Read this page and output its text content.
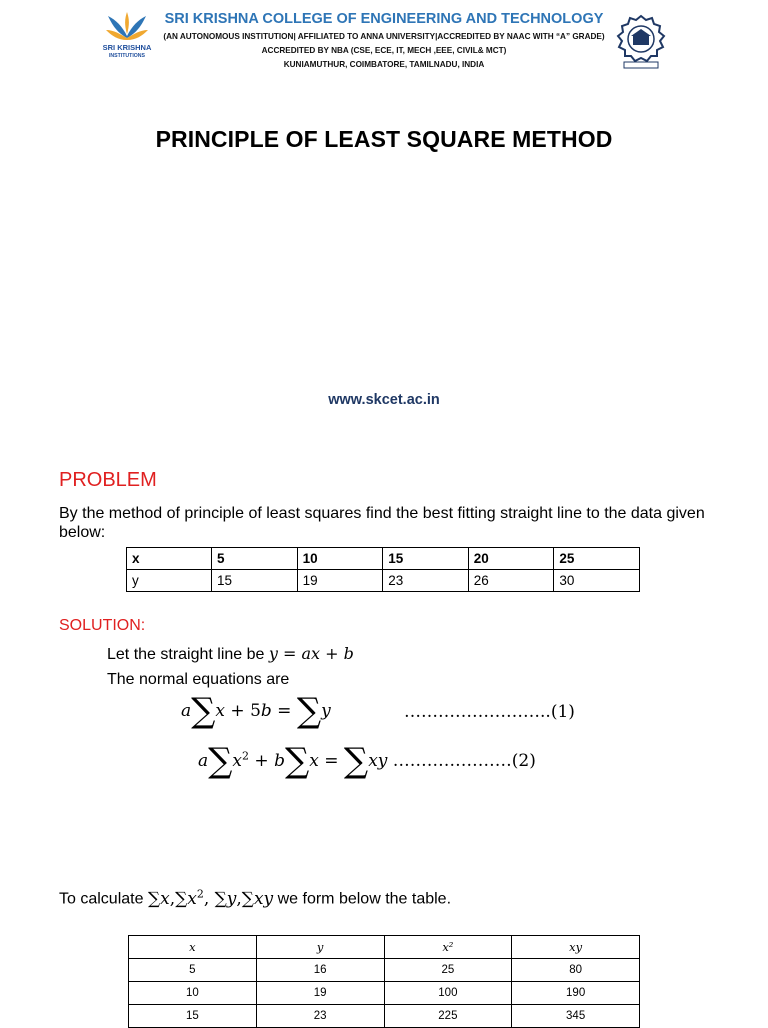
SRI KRISHNA
INSTITUTIONS
SRI KRISHNA COLLEGE OF ENGINEERING AND TECHNOLOGY
(AN AUTONOMOUS INSTITUTION| AFFILIATED TO ANNA UNIVERSITY|ACCREDITED BY NAAC WITH “A” GRADE)
ACCREDITED BY NBA (CSE, ECE, IT, MECH ,EEE, CIVIL& MCT)
KUNIAMUTHUR, COIMBATORE, TAMILNADU, INDIA
PRINCIPLE OF LEAST SQUARE METHOD
www.skcet.ac.in
PROBLEM
By the method of principle of least squares find the best fitting straight line to the data given below:
x	5	10	15	20	25
y	15	19	23	26	30
SOLUTION:
Let the straight line be y = ax + b
The normal equations are
a∑x + 5b = ∑y	……………………..(1)
$a\sum x^2 + b\sum x = \sum xy$ …………………(2)
To calculate $\sum x,\sum x^2$, ∑y,∑xy we form below the table.
x	y	x²	xy
5	16	25	80
10	19	100	190
15	23	225	345
